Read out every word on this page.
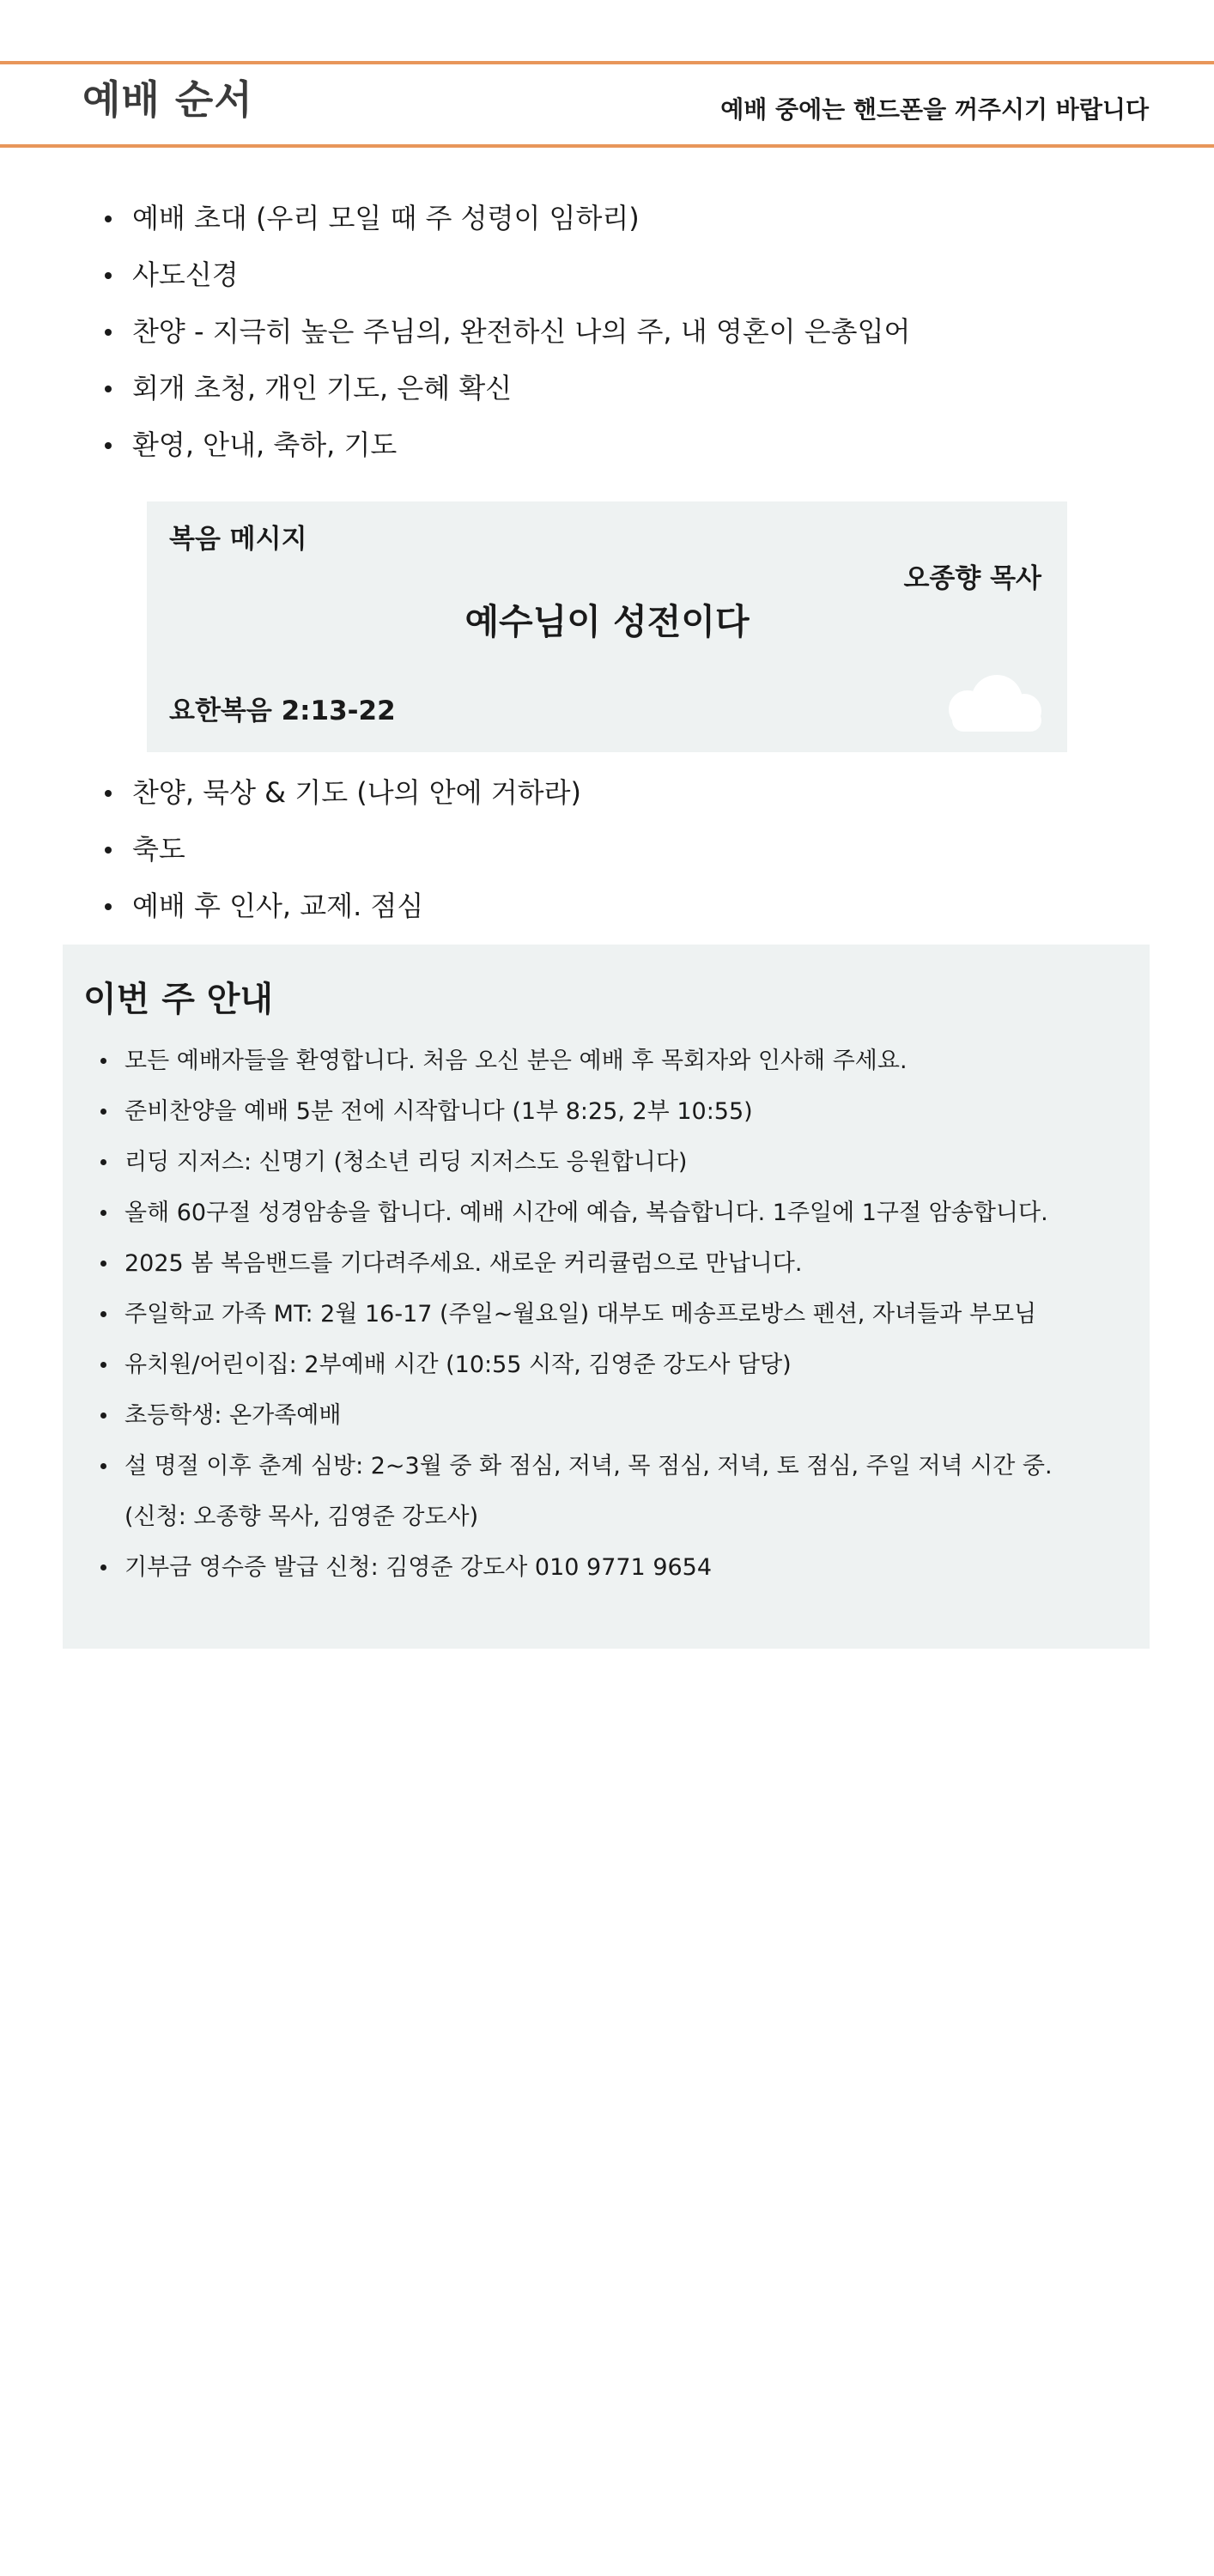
예배 순서	예배 중에는 핸드폰을 꺼주시기 바랍니다

예배 초대 (우리 모일 때 주 성령이 임하리)
사도신경
찬양 - 지극히 높은 주님의, 완전하신 나의 주, 내 영혼이 은총입어
회개 초청, 개인 기도, 은혜 확신
환영, 안내, 축하, 기도

복음 메시지

오종향 목사

예수님이 성전이다

요한복음 2:13-22

찬양, 묵상 & 기도 (나의 안에 거하라)
축도
예배 후 인사, 교제. 점심
이번 주 안내
모든 예배자들을 환영합니다. 처음 오신 분은 예배 후 목회자와 인사해 주세요.
준비찬양을 예배 5분 전에 시작합니다 (1부 8:25, 2부 10:55)
리딩 지저스: 신명기 (청소년 리딩 지저스도 응원합니다)
올해 60구절 성경암송을 합니다. 예배 시간에 예습, 복습합니다. 1주일에 1구절 암송합니다.
2025 봄 복음밴드를 기다려주세요. 새로운 커리큘럼으로 만납니다.
주일학교 가족 MT: 2월 16-17 (주일~월요일) 대부도 메송프로방스 펜션, 자녀들과 부모님
유치원/어린이집: 2부예배 시간 (10:55 시작, 김영준 강도사 담당)
초등학생: 온가족예배
설 명절 이후 춘계 심방: 2~3월 중 화 점심, 저녁, 목 점심, 저녁, 토 점심, 주일 저녁 시간 중.
(신청: 오종향 목사, 김영준 강도사)
기부금 영수증 발급 신청: 김영준 강도사 010 9771 9654
